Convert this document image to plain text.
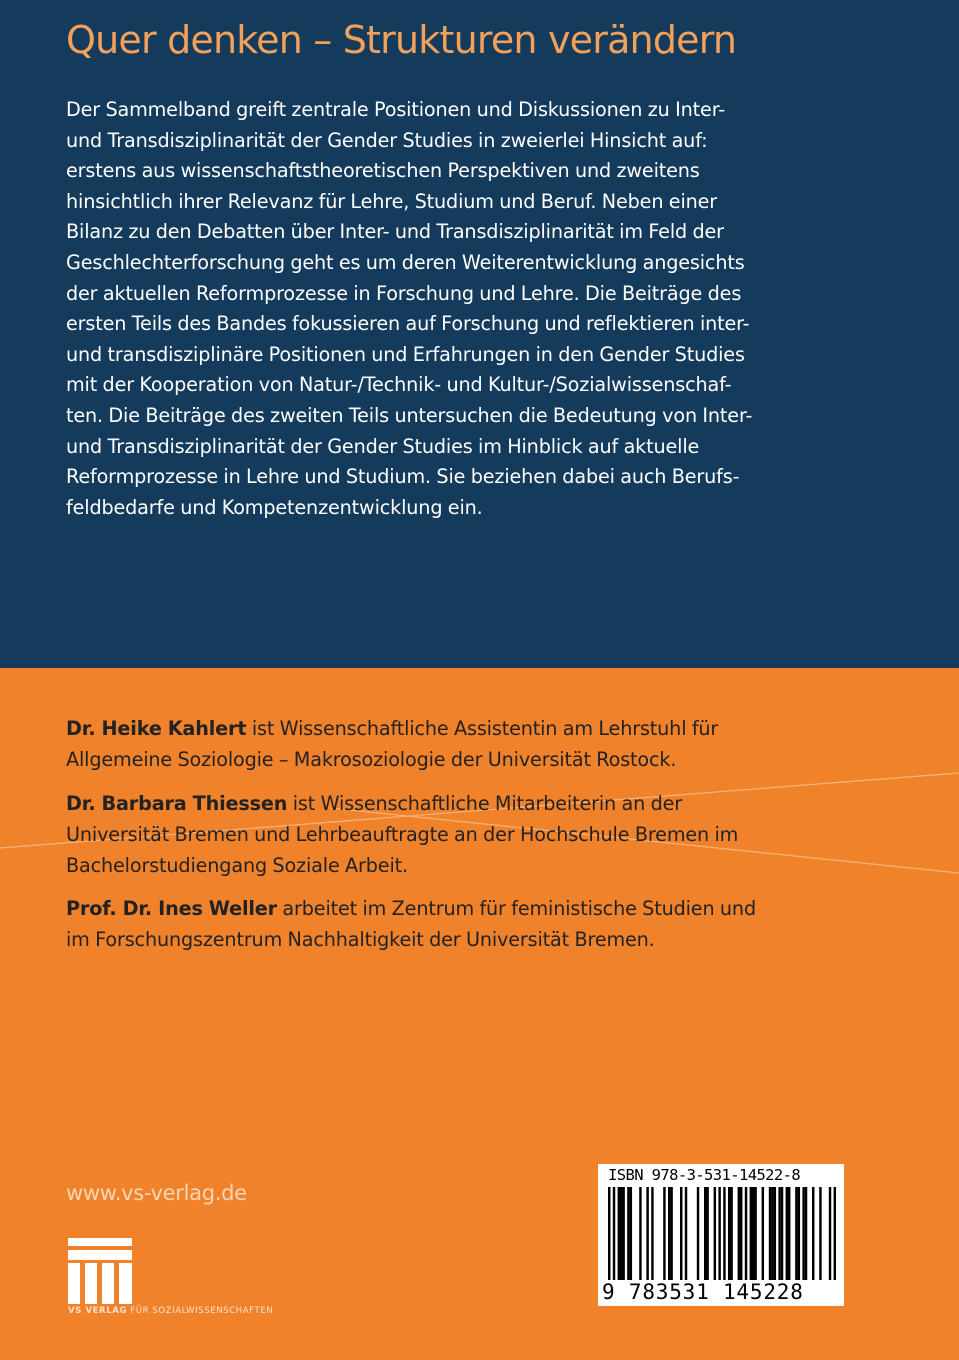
Quer denken – Strukturen verändern
Der Sammelband greift zentrale Positionen und Diskussionen zu Inter-
und Transdisziplinarität der Gender Studies in zweierlei Hinsicht auf:
erstens aus wissenschaftstheoretischen Perspektiven und zweitens
hinsichtlich ihrer Relevanz für Lehre, Studium und Beruf. Neben einer
Bilanz zu den Debatten über Inter- und Transdisziplinarität im Feld der
Geschlechterforschung geht es um deren Weiterentwicklung angesichts
der aktuellen Reformprozesse in Forschung und Lehre. Die Beiträge des
ersten Teils des Bandes fokussieren auf Forschung und reflektieren inter-
und transdisziplinäre Positionen und Erfahrungen in den Gender Studies
mit der Kooperation von Natur-/Technik- und Kultur-/Sozialwissenschaf-
ten. Die Beiträge des zweiten Teils untersuchen die Bedeutung von Inter-
und Transdisziplinarität der Gender Studies im Hinblick auf aktuelle
Reformprozesse in Lehre und Studium. Sie beziehen dabei auch Berufs-
feldbedarfe und Kompetenzentwicklung ein.
Dr. Heike Kahlert ist Wissenschaftliche Assistentin am Lehrstuhl für
Allgemeine Soziologie – Makrosoziologie der Universität Rostock.
Dr. Barbara Thiessen ist Wissenschaftliche Mitarbeiterin an der
Universität Bremen und Lehrbeauftragte an der Hochschule Bremen im
Bachelorstudiengang Soziale Arbeit.
Prof. Dr. Ines Weller arbeitet im Zentrum für feministische Studien und
im Forschungszentrum Nachhaltigkeit der Universität Bremen.
www.vs-verlag.de
VS VERLAG FÜR SOZIALWISSENSCHAFTEN
ISBN 978-3-531-14522-8
9 783531 145228
